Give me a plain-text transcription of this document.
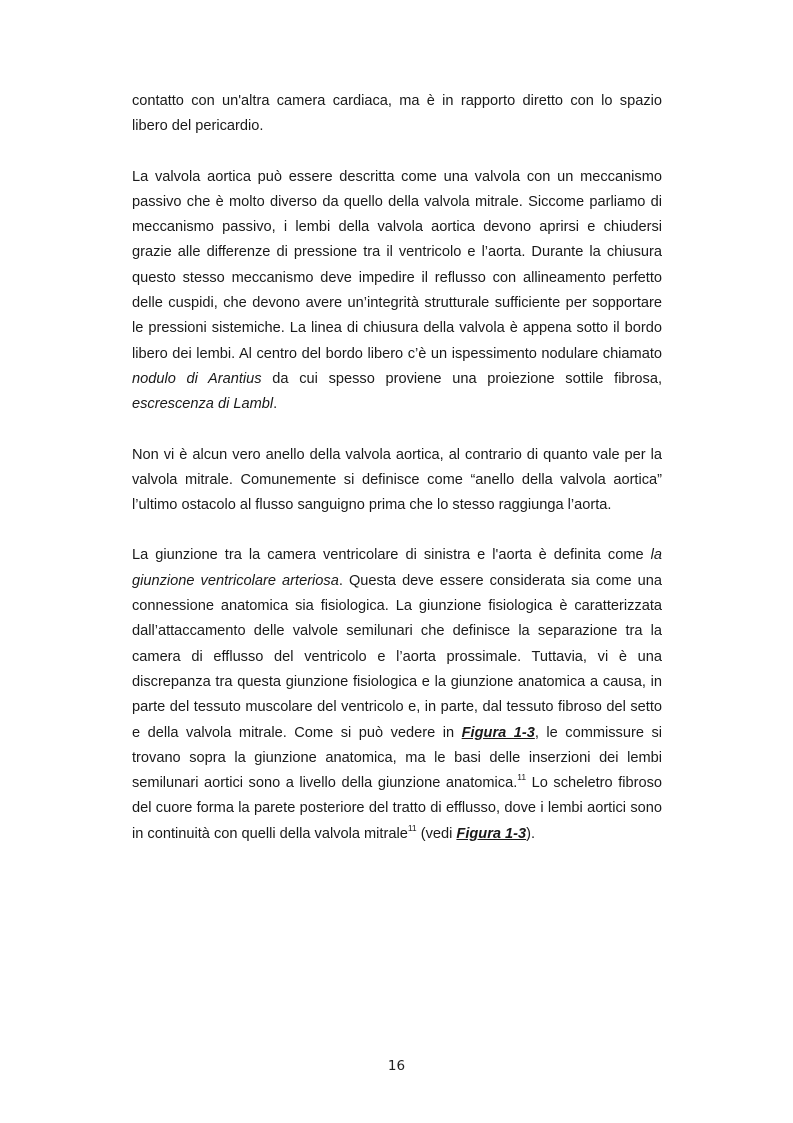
contatto con un'altra camera cardiaca, ma è in rapporto diretto con lo spazio libero del pericardio.

La valvola aortica può essere descritta come una valvola con un meccanismo passivo che è molto diverso da quello della valvola mitrale. Siccome parliamo di meccanismo passivo, i lembi della valvola aortica devono aprirsi e chiudersi grazie alle differenze di pressione tra il ventricolo e l’aorta. Durante la chiusura questo stesso meccanismo deve impedire il reflusso con allineamento perfetto delle cuspidi, che devono avere un’integrità strutturale sufficiente per sopportare le pressioni sistemiche. La linea di chiusura della valvola è appena sotto il bordo libero dei lembi. Al centro del bordo libero c’è un ispessimento nodulare chiamato nodulo di Arantius da cui spesso proviene una proiezione sottile fibrosa, escrescenza di Lambl.

Non vi è alcun vero anello della valvola aortica, al contrario di quanto vale per la valvola mitrale. Comunemente si definisce come “anello della valvola aortica” l’ultimo ostacolo al flusso sanguigno prima che lo stesso raggiunga l’aorta.

La giunzione tra la camera ventricolare di sinistra e l'aorta è definita come la giunzione ventricolare arteriosa. Questa deve essere considerata sia come una connessione anatomica sia fisiologica. La giunzione fisiologica è caratterizzata dall’attaccamento delle valvole semilunari che definisce la separazione tra la camera di efflusso del ventricolo e l’aorta prossimale. Tuttavia, vi è una discrepanza tra questa giunzione fisiologica e la giunzione anatomica a causa, in parte del tessuto muscolare del ventricolo e, in parte, dal tessuto fibroso del setto e della valvola mitrale. Come si può vedere in Figura 1-3, le commissure si trovano sopra la giunzione anatomica, ma le basi delle inserzioni dei lembi semilunari aortici sono a livello della giunzione anatomica.$^{11}$ Lo scheletro fibroso del cuore forma la parete posteriore del tratto di efflusso, dove i lembi aortici sono in continuità con quelli della valvola mitrale$^{11}$ (vedi Figura 1-3).

16
